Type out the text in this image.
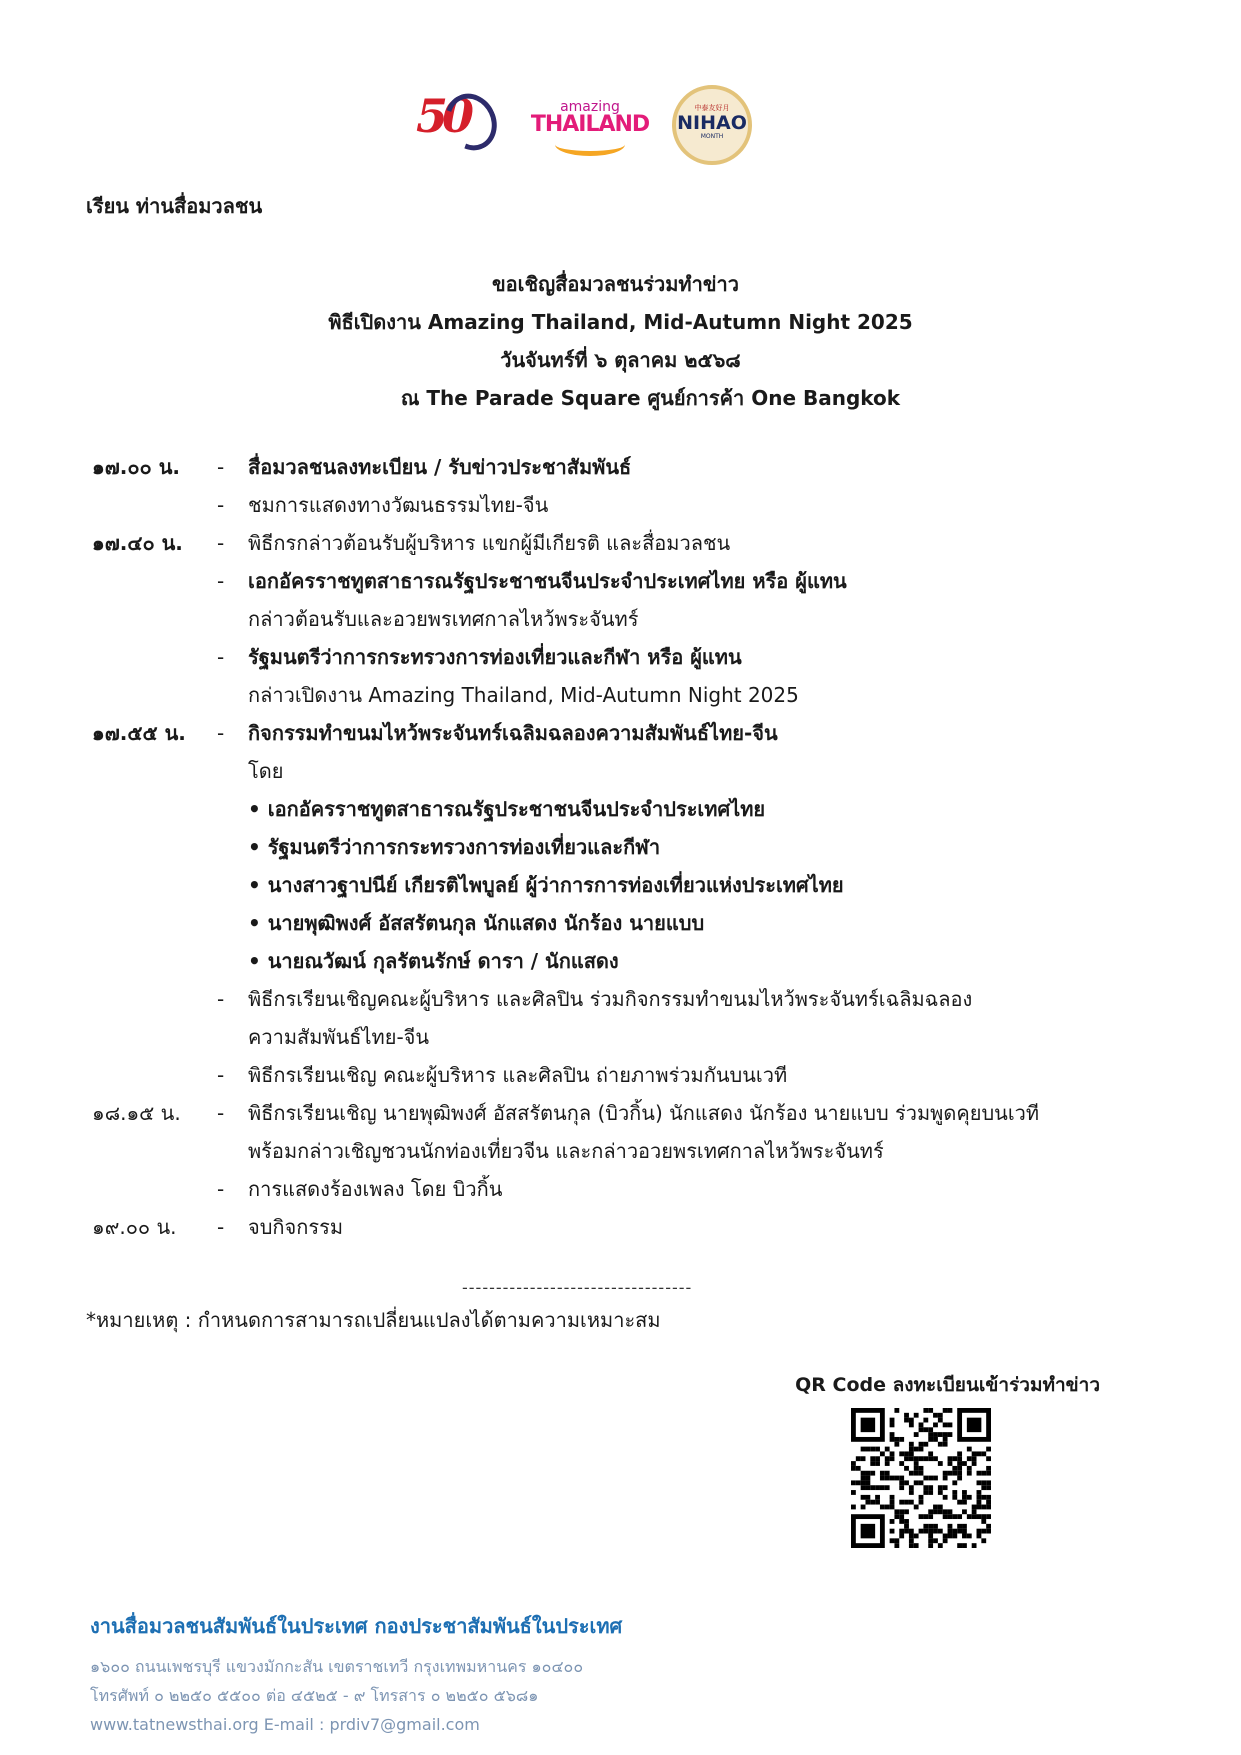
50	amazing
THAILAND
中泰友好月
NIHAO
MONTH
เรียน ท่านสื่อมวลชน
ขอเชิญสื่อมวลชนร่วมทำข่าว
พิธีเปิดงาน Amazing Thailand, Mid-Autumn Night 2025
วันจันทร์ที่ ๖ ตุลาคม ๒๕๖๘
ณ The Parade Square ศูนย์การค้า One Bangkok
๑๗.๐๐ น. - สื่อมวลชนลงทะเบียน / รับข่าวประชาสัมพันธ์
- ชมการแสดงทางวัฒนธรรมไทย-จีน
๑๗.๔๐ น. - พิธีกรกล่าวต้อนรับผู้บริหาร แขกผู้มีเกียรติ และสื่อมวลชน
- เอกอัครราชทูตสาธารณรัฐประชาชนจีนประจำประเทศไทย หรือ ผู้แทน
กล่าวต้อนรับและอวยพรเทศกาลไหว้พระจันทร์
- รัฐมนตรีว่าการกระทรวงการท่องเที่ยวและกีฬา หรือ ผู้แทน
กล่าวเปิดงาน Amazing Thailand, Mid-Autumn Night 2025
๑๗.๕๕ น. - กิจกรรมทำขนมไหว้พระจันทร์เฉลิมฉลองความสัมพันธ์ไทย-จีน
โดย
• เอกอัครราชทูตสาธารณรัฐประชาชนจีนประจำประเทศไทย
• รัฐมนตรีว่าการกระทรวงการท่องเที่ยวและกีฬา
• นางสาวฐาปนีย์ เกียรติไพบูลย์ ผู้ว่าการการท่องเที่ยวแห่งประเทศไทย
• นายพุฒิพงศ์ อัสสรัตนกุล นักแสดง นักร้อง นายแบบ
• นายณวัฒน์ กุลรัตนรักษ์ ดารา / นักแสดง
- พิธีกรเรียนเชิญคณะผู้บริหาร และศิลปิน ร่วมกิจกรรมทำขนมไหว้พระจันทร์เฉลิมฉลอง
ความสัมพันธ์ไทย-จีน
- พิธีกรเรียนเชิญ คณะผู้บริหาร และศิลปิน ถ่ายภาพร่วมกันบนเวที
๑๘.๑๕ น. - พิธีกรเรียนเชิญ นายพุฒิพงศ์ อัสสรัตนกุล (บิวกิ้น) นักแสดง นักร้อง นายแบบ ร่วมพูดคุยบนเวที
พร้อมกล่าวเชิญชวนนักท่องเที่ยวจีน และกล่าวอวยพรเทศกาลไหว้พระจันทร์
- การแสดงร้องเพลง โดย บิวกิ้น
๑๙.๐๐ น. - จบกิจกรรม
----------------------------------
*หมายเหตุ : กำหนดการสามารถเปลี่ยนแปลงได้ตามความเหมาะสม
QR Code ลงทะเบียนเข้าร่วมทำข่าว
งานสื่อมวลชนสัมพันธ์ในประเทศ กองประชาสัมพันธ์ในประเทศ
๑๖๐๐ ถนนเพชรบุรี แขวงมักกะสัน เขตราชเทวี กรุงเทพมหานคร ๑๐๔๐๐
โทรศัพท์ ๐ ๒๒๕๐ ๕๕๐๐ ต่อ ๔๕๒๕ - ๙ โทรสาร ๐ ๒๒๕๐ ๕๖๘๑
www.tatnewsthai.org E-mail : prdiv7@gmail.com
